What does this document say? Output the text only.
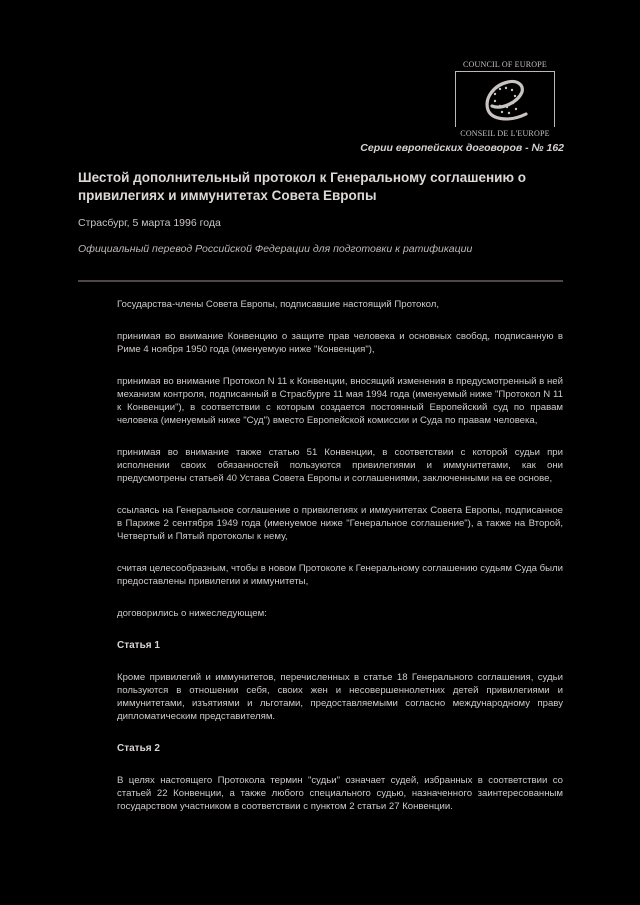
COUNCIL OF EUROPE
CONSEIL DE L'EUROPE
Серии европейских договоров - № 162
Шестой дополнительный протокол к Генеральному соглашению о привилегиях и иммунитетах Совета Европы
Страсбург, 5 марта 1996 года
Официальный перевод Российской Федерации для подготовки к ратификации

Государства-члены Совета Европы, подписавшие настоящий Протокол,

принимая во внимание Конвенцию о защите прав человека и основных свобод, подписанную в Риме 4 ноября 1950 года (именуемую ниже "Конвенция"),

принимая во внимание Протокол N 11 к Конвенции, вносящий изменения в предусмотренный в ней механизм контроля, подписанный в Страсбурге 11 мая 1994 года (именуемый ниже "Протокол N 11 к Конвенции"), в соответствии с которым создается постоянный Европейский суд по правам человека (именуемый ниже "Суд") вместо Европейской комиссии и Суда по правам человека,

принимая во внимание также статью 51 Конвенции, в соответствии с которой судьи при исполнении своих обязанностей пользуются привилегиями и иммунитетами, как они предусмотрены статьей 40 Устава Совета Европы и соглашениями, заключенными на ее основе,

ссылаясь на Генеральное соглашение о привилегиях и иммунитетах Совета Европы, подписанное в Париже 2 сентября 1949 года (именуемое ниже "Генеральное соглашение"), а также на Второй, Четвертый и Пятый протоколы к нему,

считая целесообразным, чтобы в новом Протоколе к Генеральному соглашению судьям Суда были предоставлены привилегии и иммунитеты,

договорились о нижеследующем:

Статья 1

Кроме привилегий и иммунитетов, перечисленных в статье 18 Генерального соглашения, судьи пользуются в отношении себя, своих жен и несовершеннолетних детей привилегиями и иммунитетами, изъятиями и льготами, предоставляемыми согласно международному праву дипломатическим представителям.

Статья 2

В целях настоящего Протокола термин "судьи" означает судей, избранных в соответствии со статьей 22 Конвенции, а также любого специального судью, назначенного заинтересованным государством участником в соответствии с пунктом 2 статьи 27 Конвенции.
